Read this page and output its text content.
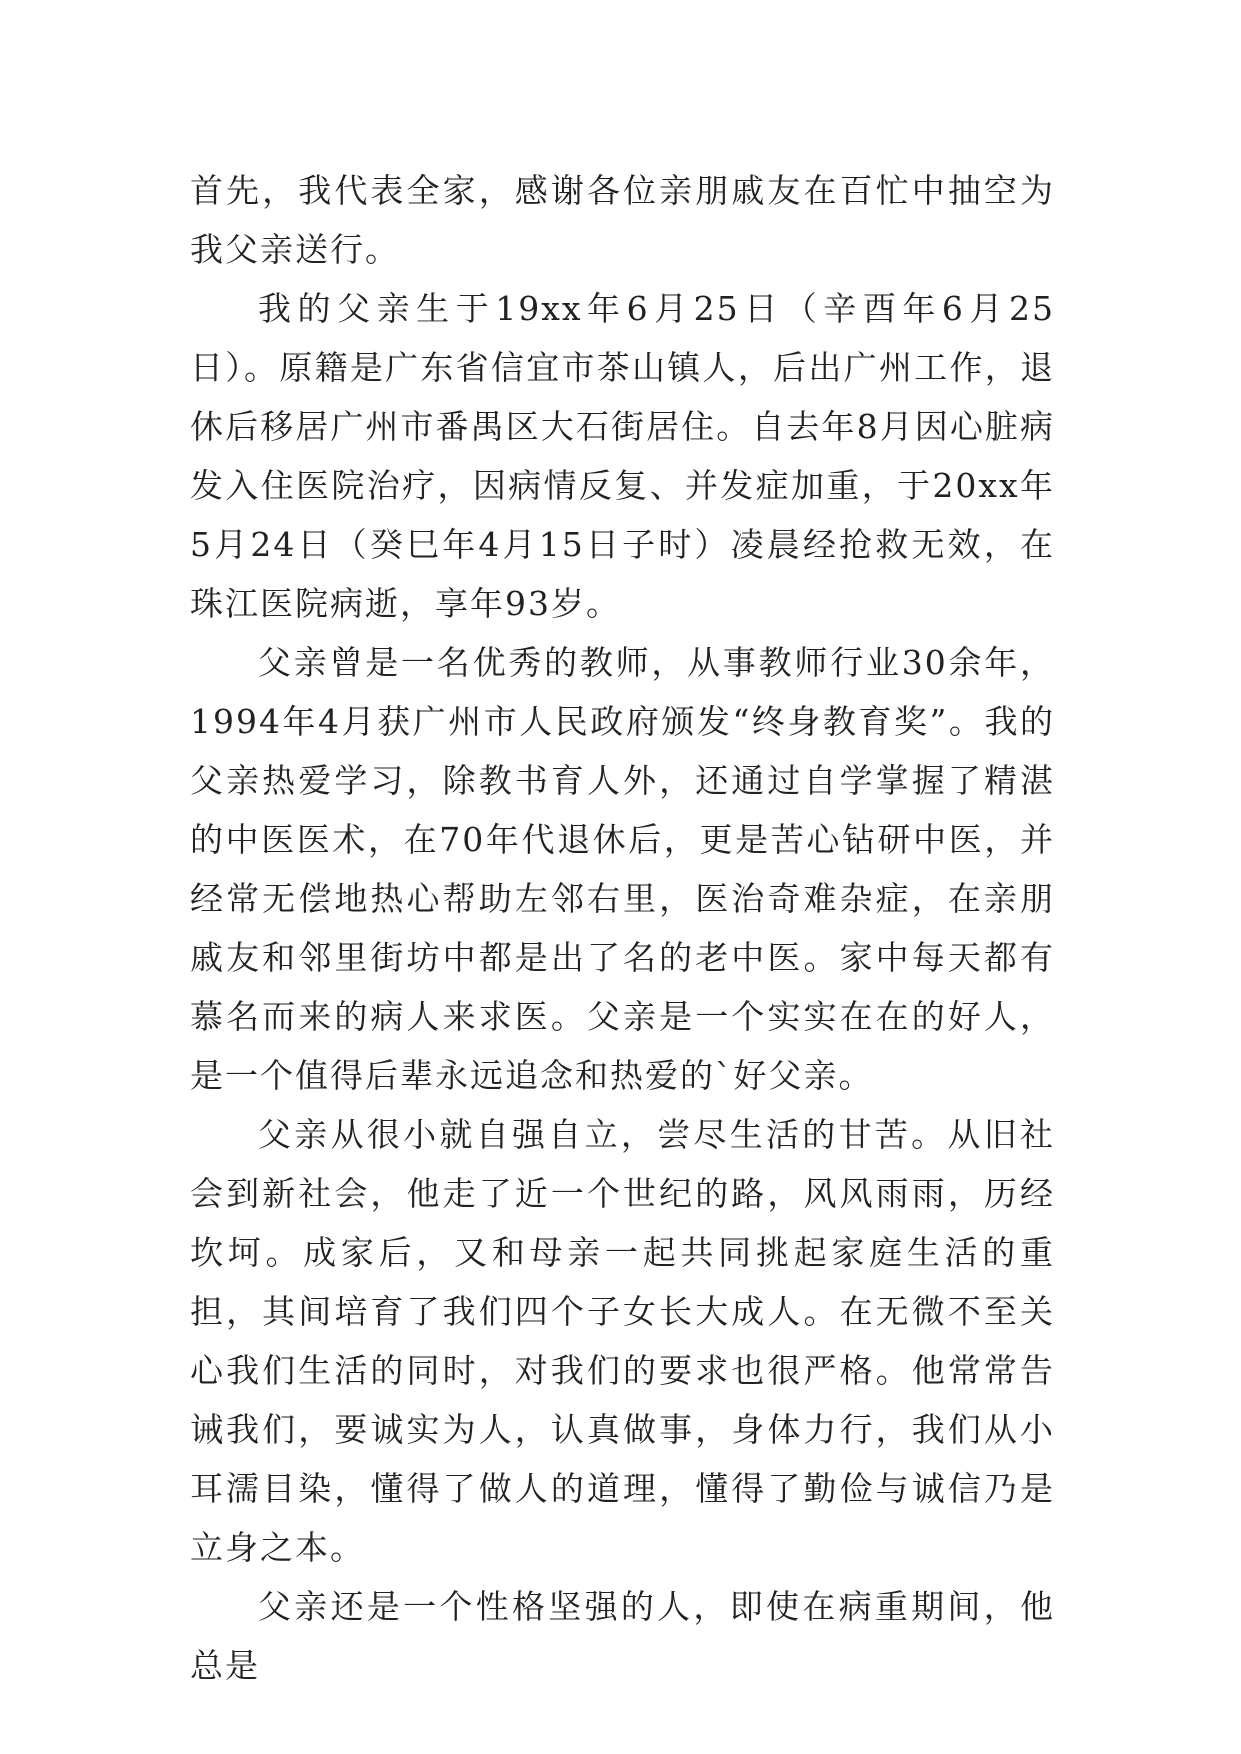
首先，我代表全家，感谢各位亲朋戚友在百忙中抽空为我父亲送行。

我的父亲生于19xx年6月25日（辛酉年6月25日）。原籍是广东省信宜市茶山镇人，后出广州工作，退休后移居广州市番禺区大石街居住。自去年8月因心脏病发入住医院治疗，因病情反复、并发症加重，于20xx年5月24日（癸巳年4月15日子时）凌晨经抢救无效，在珠江医院病逝，享年93岁。

父亲曾是一名优秀的教师，从事教师行业30余年，1994年4月获广州市人民政府颁发“终身教育奖”。我的父亲热爱学习，除教书育人外，还通过自学掌握了精湛的中医医术，在70年代退休后，更是苦心钻研中医，并经常无偿地热心帮助左邻右里，医治奇难杂症，在亲朋戚友和邻里街坊中都是出了名的老中医。家中每天都有慕名而来的病人来求医。父亲是一个实实在在的好人，是一个值得后辈永远追念和热爱的`好父亲。

父亲从很小就自强自立，尝尽生活的甘苦。从旧社会到新社会，他走了近一个世纪的路，风风雨雨，历经坎坷。成家后，又和母亲一起共同挑起家庭生活的重担，其间培育了我们四个子女长大成人。在无微不至关心我们生活的同时，对我们的要求也很严格。他常常告诫我们，要诚实为人，认真做事，身体力行，我们从小耳濡目染，懂得了做人的道理，懂得了勤俭与诚信乃是立身之本。

父亲还是一个性格坚强的人，即使在病重期间，他总是
